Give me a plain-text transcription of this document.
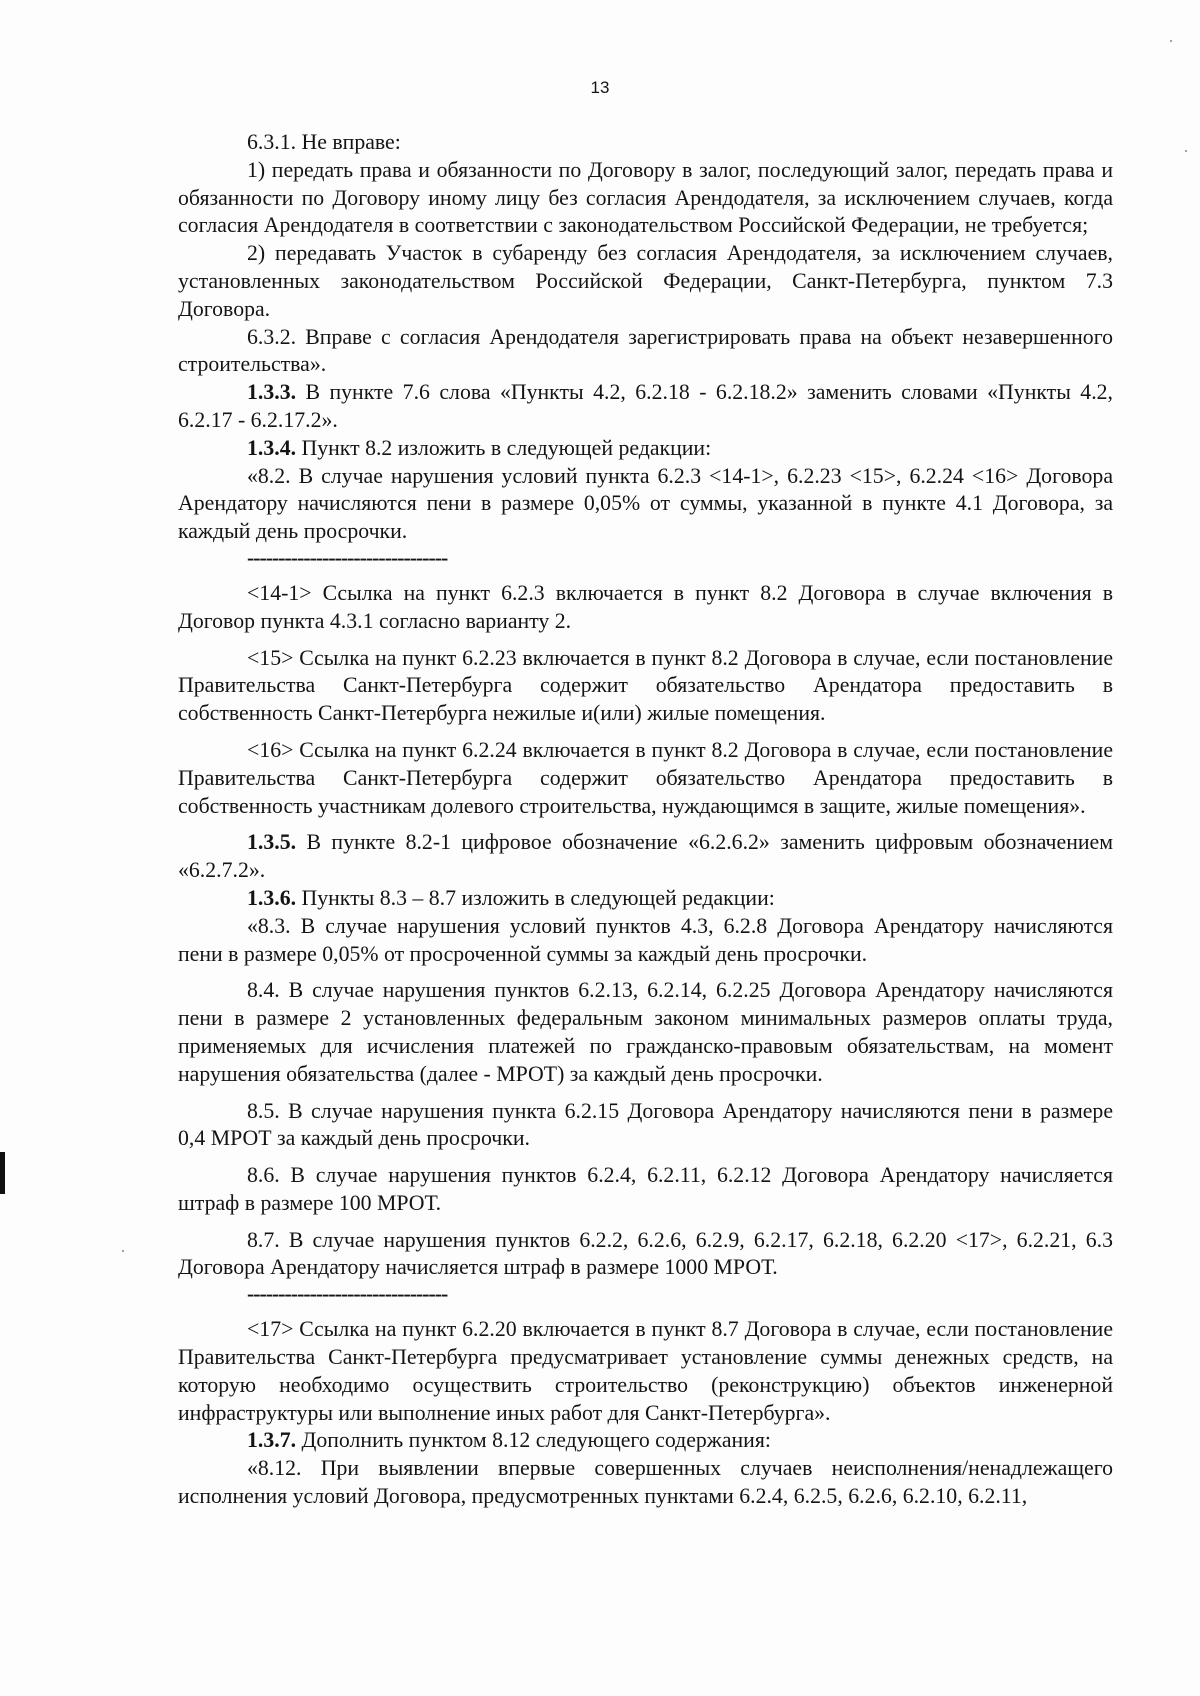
13

6.3.1. Не вправе:

1) передать права и обязанности по Договору в залог, последующий залог, передать права и обязанности по Договору иному лицу без согласия Арендодателя, за исключением случаев, когда согласия Арендодателя в соответствии с законодательством Российской Федерации, не требуется;

2) передавать Участок в субаренду без согласия Арендодателя, за исключением случаев, установленных законодательством Российской Федерации, Санкт-Петербурга, пунктом 7.3 Договора.

6.3.2. Вправе с согласия Арендодателя зарегистрировать права на объект незавершенного строительства».

1.3.3. В пункте 7.6 слова «Пункты 4.2, 6.2.18 - 6.2.18.2» заменить словами «Пункты 4.2, 6.2.17 - 6.2.17.2».

1.3.4. Пункт 8.2 изложить в следующей редакции:

«8.2. В случае нарушения условий пункта 6.2.3 <14-1>, 6.2.23 <15>, 6.2.24 <16> Договора Арендатору начисляются пени в размере 0,05% от суммы, указанной в пункте 4.1 Договора, за каждый день просрочки.

--------------------------------

<14-1> Ссылка на пункт 6.2.3 включается в пункт 8.2 Договора в случае включения в Договор пункта 4.3.1 согласно варианту 2.

<15> Ссылка на пункт 6.2.23 включается в пункт 8.2 Договора в случае, если постановление Правительства Санкт-Петербурга содержит обязательство Арендатора предоставить в собственность Санкт-Петербурга нежилые и(или) жилые помещения.

<16> Ссылка на пункт 6.2.24 включается в пункт 8.2 Договора в случае, если постановление Правительства Санкт-Петербурга содержит обязательство Арендатора предоставить в собственность участникам долевого строительства, нуждающимся в защите, жилые помещения».

1.3.5. В пункте 8.2-1 цифровое обозначение «6.2.6.2» заменить цифровым обозначением «6.2.7.2».

1.3.6. Пункты 8.3 – 8.7 изложить в следующей редакции:

«8.3. В случае нарушения условий пунктов 4.3, 6.2.8 Договора Арендатору начисляются пени в размере 0,05% от просроченной суммы за каждый день просрочки.

8.4. В случае нарушения пунктов 6.2.13, 6.2.14, 6.2.25 Договора Арендатору начисляются пени в размере 2 установленных федеральным законом минимальных размеров оплаты труда, применяемых для исчисления платежей по гражданско-правовым обязательствам, на момент нарушения обязательства (далее - МРОТ) за каждый день просрочки.

8.5. В случае нарушения пункта 6.2.15 Договора Арендатору начисляются пени в размере 0,4 МРОТ за каждый день просрочки.

8.6. В случае нарушения пунктов 6.2.4, 6.2.11, 6.2.12 Договора Арендатору начисляется штраф в размере 100 МРОТ.

8.7. В случае нарушения пунктов 6.2.2, 6.2.6, 6.2.9, 6.2.17, 6.2.18, 6.2.20 <17>, 6.2.21, 6.3 Договора Арендатору начисляется штраф в размере 1000 МРОТ.

--------------------------------

<17> Ссылка на пункт 6.2.20 включается в пункт 8.7 Договора в случае, если постановление Правительства Санкт-Петербурга предусматривает установление суммы денежных средств, на которую необходимо осуществить строительство (реконструкцию) объектов инженерной инфраструктуры или выполнение иных работ для Санкт-Петербурга».

1.3.7. Дополнить пунктом 8.12 следующего содержания:

«8.12. При выявлении впервые совершенных случаев неисполнения/ненадлежащего исполнения условий Договора, предусмотренных пунктами 6.2.4, 6.2.5, 6.2.6, 6.2.10, 6.2.11,
